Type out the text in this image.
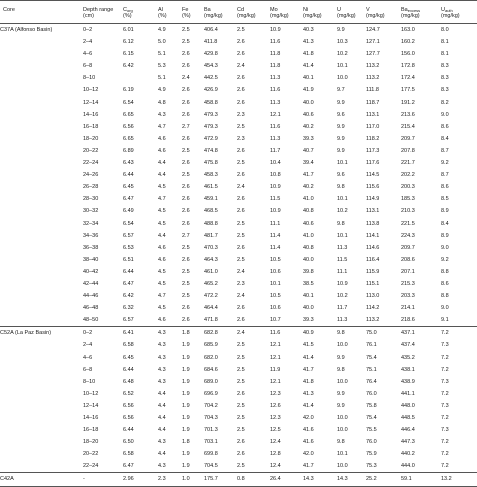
Core	Depth range	$C_{org}$	Al	Fe	Ba	Cd	Mo	Ni	U	V	$Ba_{excess}$	$U_{auth}$
	(cm)	(%)	(%)	(%)	(mg/kg)	(mg/kg)	(mg/kg)	(mg/kg)	(mg/kg)	(mg/kg)	(mg/kg)	(mg/kg)
C37A (Alfonso Basin)	0–2	6.01	4.9	2.5	406.4	2.5	10.9	40.3	9.9	124.7	163.0	8.0
	2–4	6.12	5.0	2.5	411.8	2.6	11.6	41.3	10.3	127.1	160.2	8.1
	4–6	6.15	5.1	2.6	429.8	2.6	11.8	41.8	10.2	127.7	156.0	8.1
	6–8	6.42	5.3	2.6	454.3	2.4	11.8	41.4	10.1	113.2	172.8	8.3
	8–10		5.1	2.4	442.5	2.6	11.3	40.1	10.0	113.2	172.4	8.3
	10–12	6.19	4.9	2.6	426.9	2.6	11.6	41.9	9.7	111.8	177.5	8.3
	12–14	6.54	4.8	2.6	458.8	2.6	11.3	40.0	9.9	118.7	191.2	8.2
	14–16	6.65	4.3	2.6	479.3	2.3	12.1	40.6	9.6	113.1	213.6	9.0
	16–18	6.56	4.7	2.7	479.3	2.5	11.6	40.2	9.9	117.0	215.4	8.6
	18–20	6.65	4.6	2.6	472.9	2.3	11.3	39.3	9.9	118.2	209.7	8.4
	20–22	6.89	4.6	2.5	474.8	2.6	11.7	40.7	9.9	117.3	207.8	8.7
	22–24	6.43	4.4	2.6	475.8	2.5	10.4	39.4	10.1	117.6	221.7	9.2
	24–26	6.44	4.4	2.5	458.3	2.6	10.8	41.7	9.6	114.5	202.2	8.7
	26–28	6.45	4.5	2.6	461.5	2.4	10.9	40.2	9.8	115.6	200.3	8.6
	28–30	6.47	4.7	2.6	459.1	2.6	11.5	41.0	10.1	114.9	185.3	8.5
	30–32	6.49	4.5	2.6	468.5	2.6	10.9	40.8	10.2	113.1	210.3	8.9
	32–34	6.54	4.5	2.6	488.8	2.5	11.1	40.6	9.8	113.8	221.5	8.4
	34–36	6.57	4.4	2.7	481.7	2.5	11.4	41.0	10.1	114.1	224.3	8.9
	36–38	6.53	4.6	2.5	470.3	2.6	11.4	40.8	11.3	114.6	209.7	9.0
	38–40	6.51	4.6	2.6	464.3	2.5	10.5	40.0	11.5	116.4	208.6	9.2
	40–42	6.44	4.5	2.5	461.0	2.4	10.6	39.8	11.1	115.9	207.1	8.8
	42–44	6.47	4.5	2.5	465.2	2.3	10.1	38.5	10.9	115.1	215.3	8.6
	44–46	6.42	4.7	2.5	472.2	2.4	10.5	40.1	10.2	113.0	203.3	8.8
	46–48	6.32	4.5	2.6	464.4	2.6	10.6	40.0	11.7	114.2	214.1	9.0
	48–50	6.57	4.6	2.6	471.8	2.6	10.7	39.3	11.3	113.2	218.6	9.1
C52A (La Paz Basin)	0–2	6.41	4.3	1.8	682.8	2.4	11.6	40.9	9.8	75.0	437.1	7.2
	2–4	6.58	4.3	1.9	685.9	2.5	12.1	41.5	10.0	76.1	437.4	7.3
	4–6	6.45	4.3	1.9	682.0	2.5	12.1	41.4	9.9	75.4	435.2	7.2
	6–8	6.44	4.3	1.9	684.6	2.5	11.9	41.7	9.8	75.1	438.1	7.2
	8–10	6.48	4.3	1.9	689.0	2.5	12.1	41.8	10.0	76.4	438.9	7.3
	10–12	6.52	4.4	1.9	696.9	2.6	12.3	41.3	9.9	76.0	441.1	7.2
	12–14	6.56	4.4	1.9	704.2	2.5	12.6	41.4	9.9	75.8	448.0	7.3
	14–16	6.56	4.4	1.9	704.3	2.5	12.3	42.0	10.0	75.4	448.5	7.2
	16–18	6.44	4.4	1.9	701.3	2.5	12.5	41.6	10.0	75.5	446.4	7.3
	18–20	6.50	4.3	1.8	703.1	2.6	12.4	41.6	9.8	76.0	447.3	7.2
	20–22	6.58	4.4	1.9	699.8	2.6	12.8	42.0	10.1	75.9	440.2	7.2
	22–24	6.47	4.3	1.9	704.5	2.5	12.4	41.7	10.0	75.3	444.0	7.2
C42A	-	2.96	2.3	1.0	175.7	0.8	26.4	14.3	14.3	25.2	59.1	13.2
